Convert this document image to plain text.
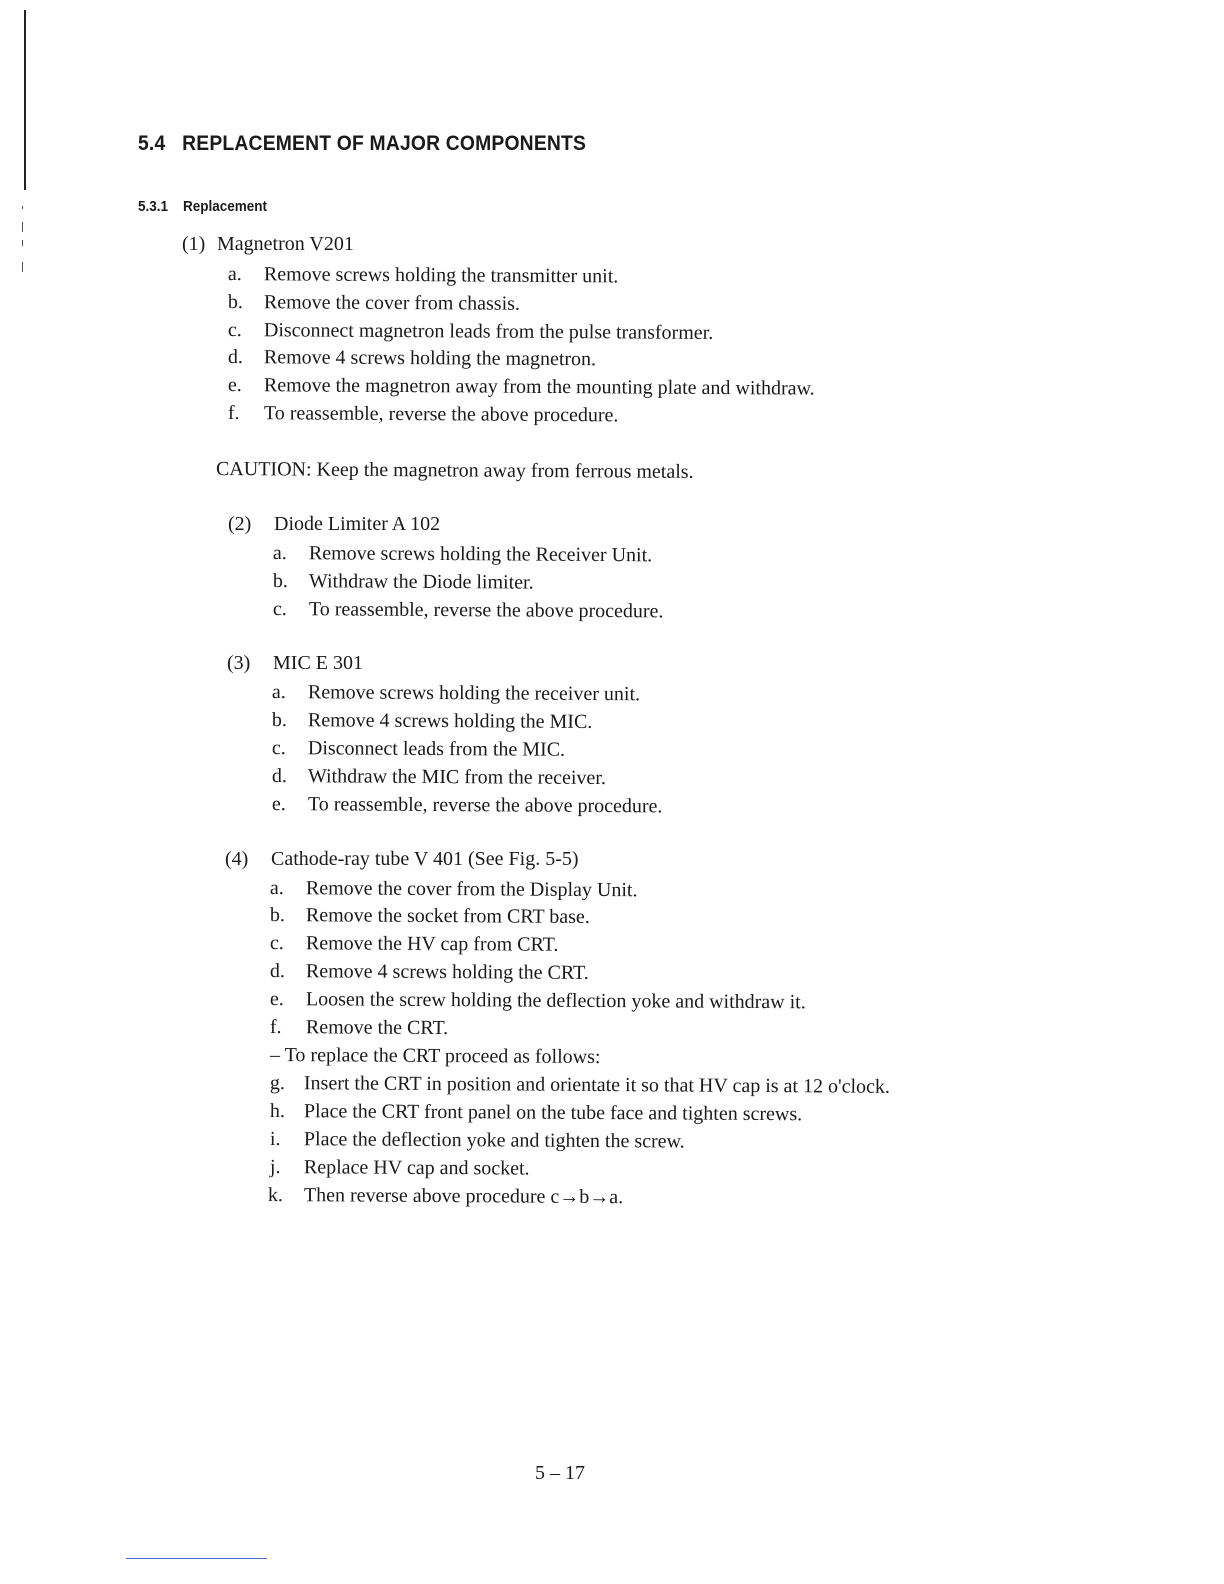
5.4 REPLACEMENT OF MAJOR COMPONENTS
5.3.1 Replacement
(1) Magnetron V201
a. Remove screws holding the transmitter unit.
b. Remove the cover from chassis.
c. Disconnect magnetron leads from the pulse transformer.
d. Remove 4 screws holding the magnetron.
e. Remove the magnetron away from the mounting plate and withdraw.
f. To reassemble, reverse the above procedure.
CAUTION: Keep the magnetron away from ferrous metals.
(2) Diode Limiter A 102
a. Remove screws holding the Receiver Unit.
b. Withdraw the Diode limiter.
c. To reassemble, reverse the above procedure.
(3) MIC E 301
a. Remove screws holding the receiver unit.
b. Remove 4 screws holding the MIC.
c. Disconnect leads from the MIC.
d. Withdraw the MIC from the receiver.
e. To reassemble, reverse the above procedure.
(4) Cathode-ray tube V 401 (See Fig. 5-5)
a. Remove the cover from the Display Unit.
b. Remove the socket from CRT base.
c. Remove the HV cap from CRT.
d. Remove 4 screws holding the CRT.
e. Loosen the screw holding the deflection yoke and withdraw it.
f. Remove the CRT.
– To replace the CRT proceed as follows:
g. Insert the CRT in position and orientate it so that HV cap is at 12 o'clock.
h. Place the CRT front panel on the tube face and tighten screws.
i. Place the deflection yoke and tighten the screw.
j. Replace HV cap and socket.
k. Then reverse above procedure c→b→a.
5 – 17
